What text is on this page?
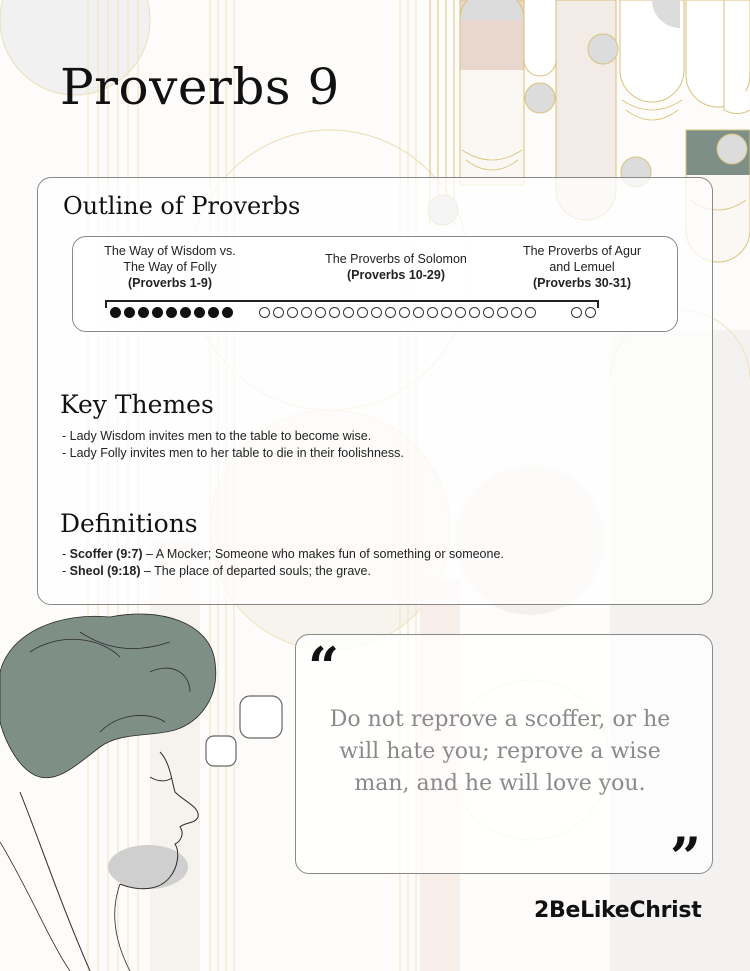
Proverbs 9
Outline of Proverbs
The Way of Wisdom vs. The Way of Folly
(Proverbs 1-9)
The Proverbs of Solomon
(Proverbs 10-29)
The Proverbs of Agur and Lemuel
(Proverbs 30-31)
Key Themes
- Lady Wisdom invites men to the table to become wise.
- Lady Folly invites men to her table to die in their foolishness.
Definitions
- Scoffer (9:7) – A Mocker; Someone who makes fun of something or someone.
- Sheol (9:18) – The place of departed souls; the grave.
“

Do not reprove a scoffer, or he will hate you; reprove a wise man, and he will love you.

”
2BeLikeChrist
